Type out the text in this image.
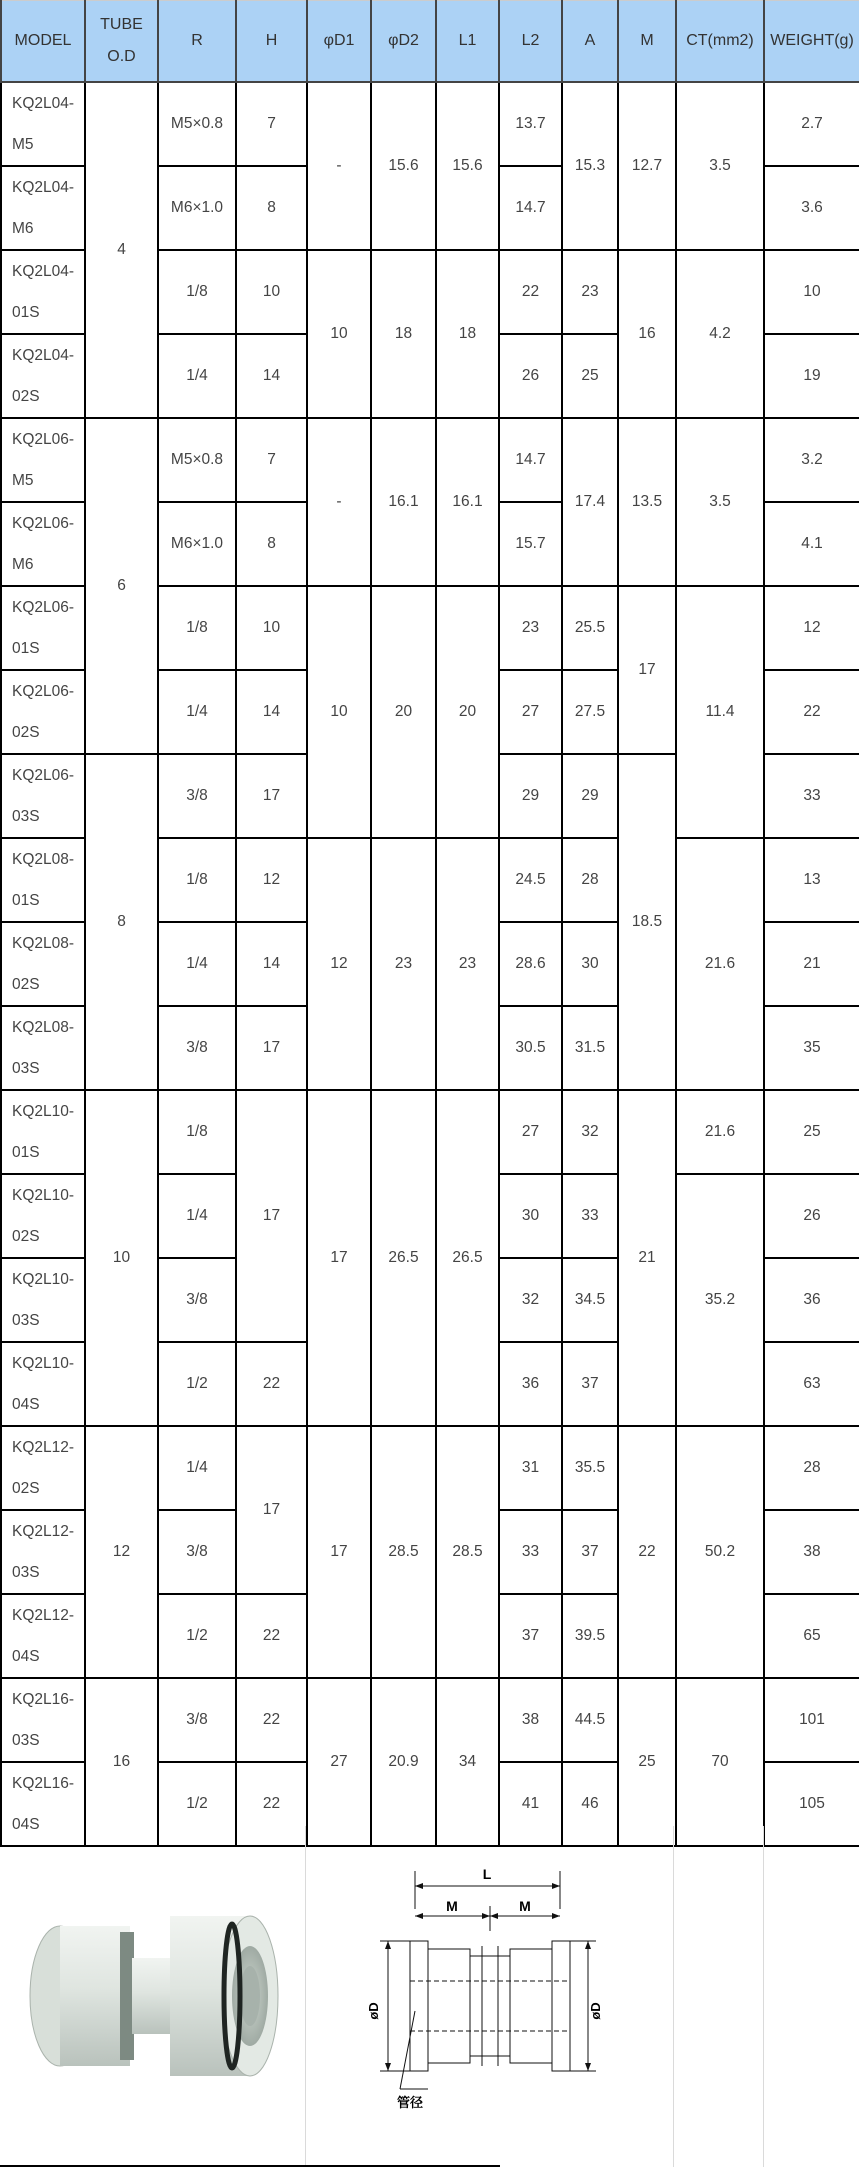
MODEL	TUBE O.D	R	H	φD1	φD2	L1	L2	A	M	CT(mm2)	WEIGHT(g)
KQ2L04-M5	4	M5×0.8	7	-	15.6	15.6	13.7	15.3	12.7	3.5	2.7
KQ2L04-M6		M6×1.0	8				14.7				3.6
KQ2L04-01S		1/8	10	10	18	18	22	23	16	4.2	10
KQ2L04-02S		1/4	14				26	25			19
KQ2L06-M5	6	M5×0.8	7	-	16.1	16.1	14.7	17.4	13.5	3.5	3.2
KQ2L06-M6		M6×1.0	8				15.7				4.1
KQ2L06-01S		1/8	10	10	20	20	23	25.5	17	11.4	12
KQ2L06-02S		1/4	14				27	27.5			22
KQ2L06-03S	8	3/8	17				29	29	18.5		33
KQ2L08-01S		1/8	12	12	23	23	24.5	28		21.6	13
KQ2L08-02S		1/4	14				28.6	30			21
KQ2L08-03S		3/8	17				30.5	31.5			35
KQ2L10-01S	10	1/8	17	17	26.5	26.5	27	32	21	21.6	25
KQ2L10-02S		1/4					30	33		35.2	26
KQ2L10-03S		3/8					32	34.5			36
KQ2L10-04S		1/2	22				36	37			63
KQ2L12-02S	12	1/4	17	17	28.5	28.5	31	35.5	22	50.2	28
KQ2L12-03S		3/8					33	37			38
KQ2L12-04S		1/2	22				37	39.5			65
KQ2L16-03S	16	3/8	22	27	20.9	34	38	44.5	25	70	101
KQ2L16-04S		1/2	22				41	46			105
L
M	M
øD	øD
管径
